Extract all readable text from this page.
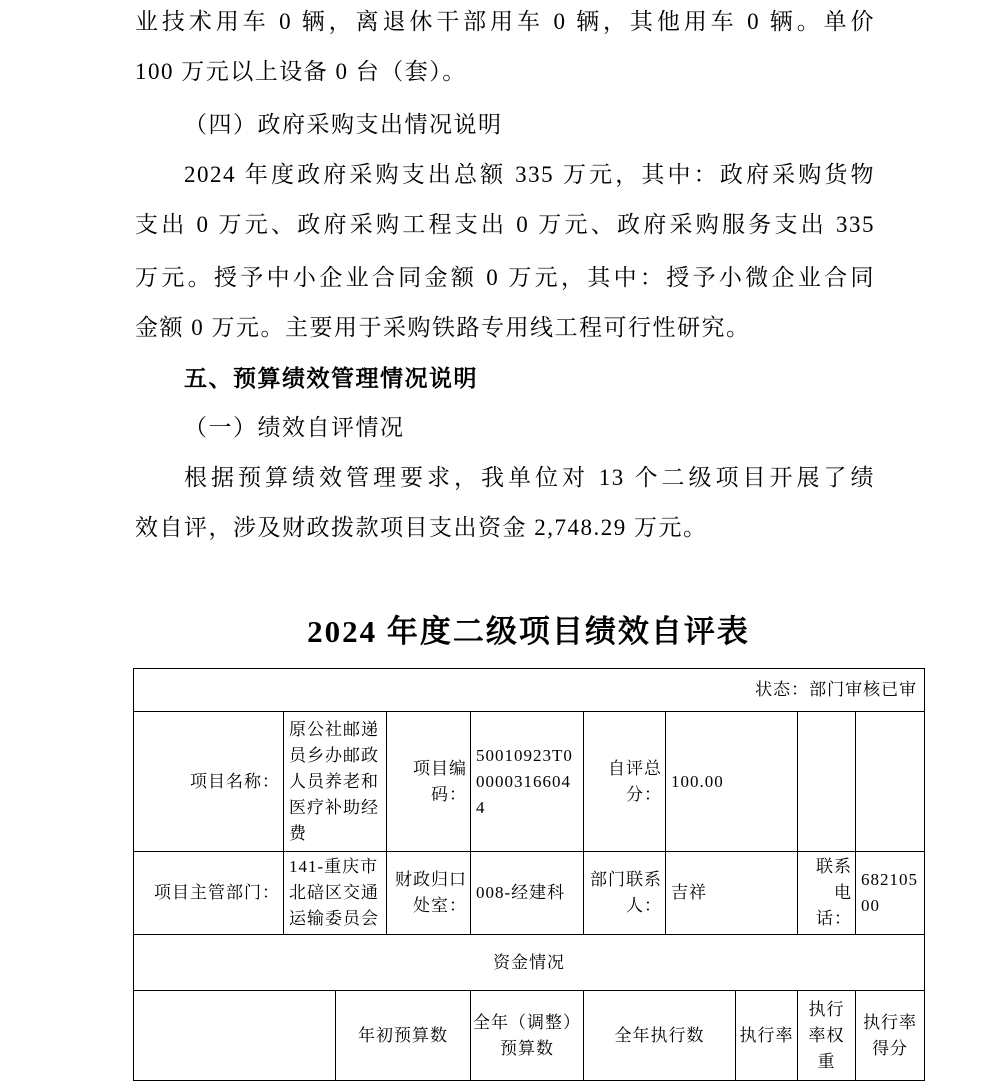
业技术用车 0 辆，离退休干部用车 0 辆，其他用车 0 辆。单价
100 万元以上设备 0 台（套）。
（四）政府采购支出情况说明
2024 年度政府采购支出总额 335 万元，其中：政府采购货物
支出 0 万元、政府采购工程支出 0 万元、政府采购服务支出 335
万元。授予中小企业合同金额 0 万元，其中：授予小微企业合同
金额 0 万元。主要用于采购铁路专用线工程可行性研究。
五、预算绩效管理情况说明
（一）绩效自评情况
根据预算绩效管理要求，我单位对 13 个二级项目开展了绩
效自评，涉及财政拨款项目支出资金 2,748.29 万元。
2024 年度二级项目绩效自评表
状态：部门审核已审									
项目名称：	原公社邮递员乡办邮政人员养老和医疗补助经费		项目编码：	50010923T000003166044	自评总分：	100.00			
项目主管部门：	141-重庆市北碚区交通运输委员会		财政归口处室：	008-经建科	部门联系人：	吉祥		联系电话：	68210500
资金情况									
		年初预算数		全年（调整）预算数	全年执行数		执行率	执行率权重	执行率得分
